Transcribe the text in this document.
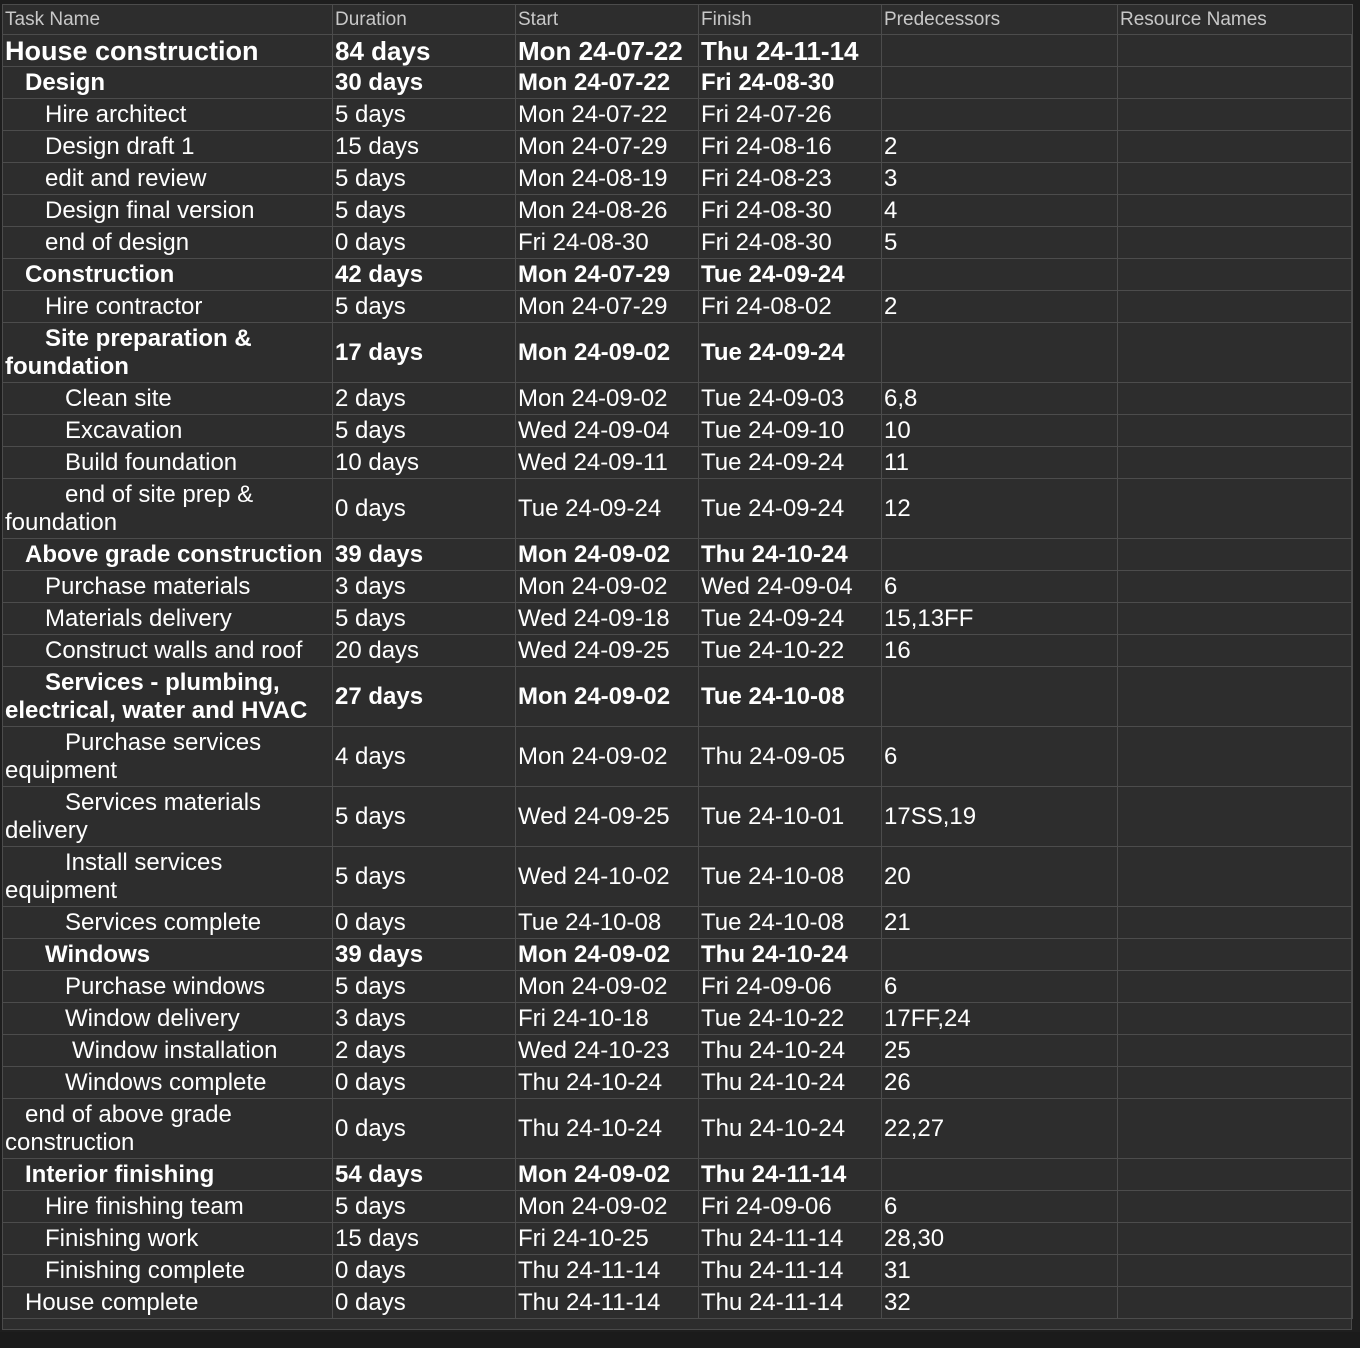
Task Name	Duration	Start	Finish	Predecessors	Resource Names
House construction	84 days	Mon 24-07-22	Thu 24-11-14		
Design	30 days	Mon 24-07-22	Fri 24-08-30		
Hire architect	5 days	Mon 24-07-22	Fri 24-07-26		
Design draft 1	15 days	Mon 24-07-29	Fri 24-08-16	2	
edit and review	5 days	Mon 24-08-19	Fri 24-08-23	3	
Design final version	5 days	Mon 24-08-26	Fri 24-08-30	4	
end of design	0 days	Fri 24-08-30	Fri 24-08-30	5	
Construction	42 days	Mon 24-07-29	Tue 24-09-24		
Hire contractor	5 days	Mon 24-07-29	Fri 24-08-02	2	
Site preparation & foundation	17 days	Mon 24-09-02	Tue 24-09-24		
Clean site	2 days	Mon 24-09-02	Tue 24-09-03	6,8	
Excavation	5 days	Wed 24-09-04	Tue 24-09-10	10	
Build foundation	10 days	Wed 24-09-11	Tue 24-09-24	11	
end of site prep & foundation	0 days	Tue 24-09-24	Tue 24-09-24	12	
Above grade construction	39 days	Mon 24-09-02	Thu 24-10-24		
Purchase materials	3 days	Mon 24-09-02	Wed 24-09-04	6	
Materials delivery	5 days	Wed 24-09-18	Tue 24-09-24	15,13FF	
Construct walls and roof	20 days	Wed 24-09-25	Tue 24-10-22	16	
Services - plumbing, electrical, water and HVAC	27 days	Mon 24-09-02	Tue 24-10-08		
Purchase services equipment	4 days	Mon 24-09-02	Thu 24-09-05	6	
Services materials delivery	5 days	Wed 24-09-25	Tue 24-10-01	17SS,19	
Install services equipment	5 days	Wed 24-10-02	Tue 24-10-08	20	
Services complete	0 days	Tue 24-10-08	Tue 24-10-08	21	
Windows	39 days	Mon 24-09-02	Thu 24-10-24		
Purchase windows	5 days	Mon 24-09-02	Fri 24-09-06	6	
Window delivery	3 days	Fri 24-10-18	Tue 24-10-22	17FF,24	
Window installation	2 days	Wed 24-10-23	Thu 24-10-24	25	
Windows complete	0 days	Thu 24-10-24	Thu 24-10-24	26	
end of above grade construction	0 days	Thu 24-10-24	Thu 24-10-24	22,27	
Interior finishing	54 days	Mon 24-09-02	Thu 24-11-14		
Hire finishing team	5 days	Mon 24-09-02	Fri 24-09-06	6	
Finishing work	15 days	Fri 24-10-25	Thu 24-11-14	28,30	
Finishing complete	0 days	Thu 24-11-14	Thu 24-11-14	31	
House complete	0 days	Thu 24-11-14	Thu 24-11-14	32	
